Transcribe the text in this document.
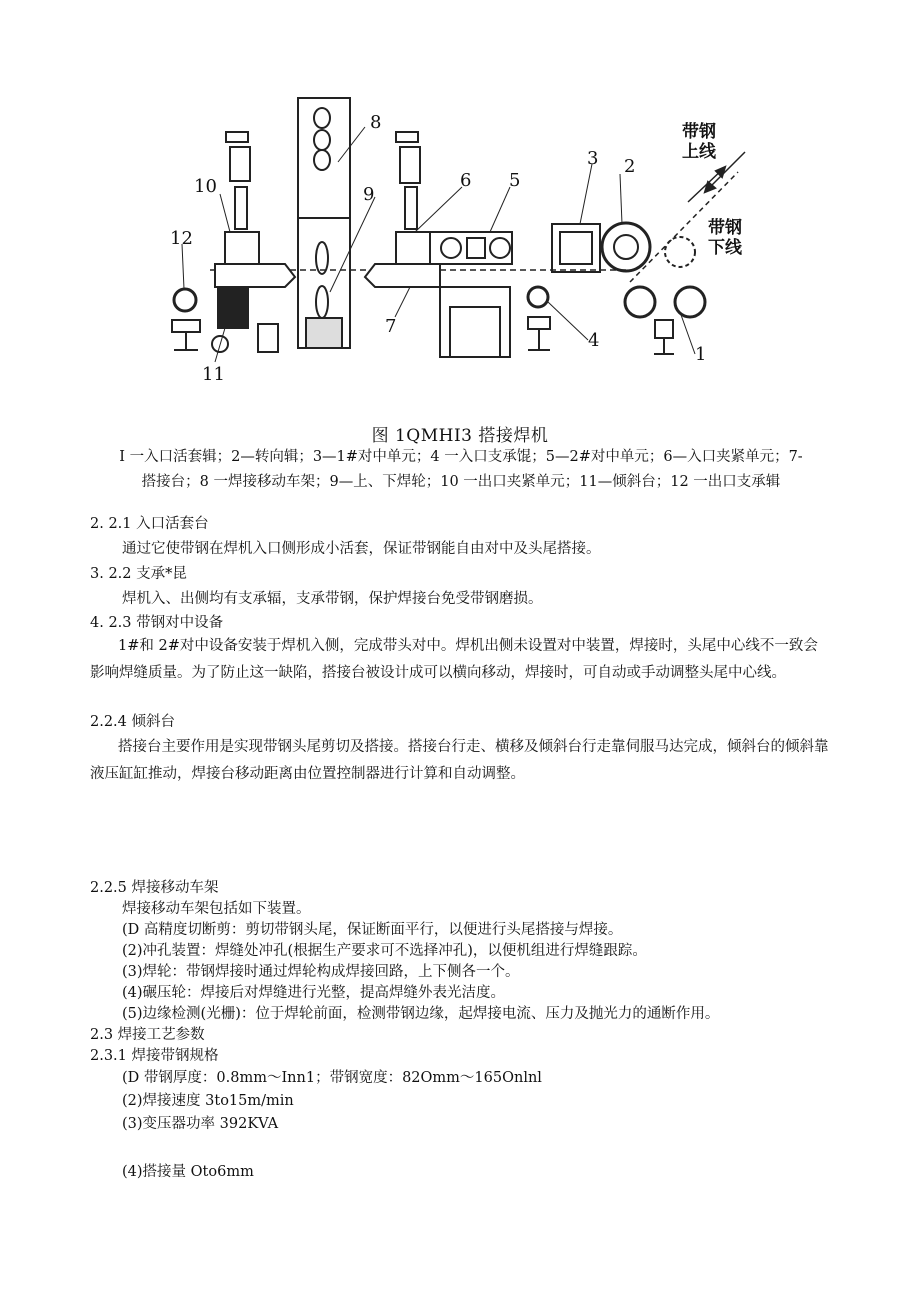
1
2
3
4
5
6
7
8
9
10
11
12
带钢
上线
带钢
下线
图 1QMHI3 搭接焊机
I 一入口活套辑；2—转向辑；3—1#对中单元；4 一入口支承馄；5—2#对中单元；6—入口夹紧单元；7-
搭接台；8 一焊接移动车架；9—上、下焊轮；10 一出口夹紧单元；11—倾斜台；12 一出口支承辑
2. 2.1 入口活套台
通过它使带钢在焊机入口侧形成小活套，保证带钢能自由对中及头尾搭接。
3. 2.2 支承*昆
焊机入、出侧均有支承辐，支承带钢，保护焊接台免受带钢磨损。
4. 2.3 带钢对中设备
1#和 2#对中设备安装于焊机入侧，完成带头对中。焊机出侧未设置对中装置，焊接时，头尾中心线不一致会影响焊缝质量。为了防止这一缺陷，搭接台被设计成可以横向移动，焊接时，可自动或手动调整头尾中心线。
2.2.4 倾斜台
搭接台主要作用是实现带钢头尾剪切及搭接。搭接台行走、横移及倾斜台行走靠伺服马达完成，倾斜台的倾斜靠液压缸缸推动，焊接台移动距离由位置控制器进行计算和自动调整。
2.2.5 焊接移动车架
焊接移动车架包括如下装置。
(D 高精度切断剪：剪切带钢头尾，保证断面平行，以便进行头尾搭接与焊接。
(2)冲孔装置：焊缝处冲孔(根据生产要求可不选择冲孔)，以便机组进行焊缝跟踪。
(3)焊轮：带钢焊接时通过焊轮构成焊接回路，上下侧各一个。
(4)碾压轮：焊接后对焊缝进行光整，提高焊缝外表光洁度。
(5)边缘检测(光栅)：位于焊轮前面，检测带钢边缘，起焊接电流、压力及抛光力的通断作用。
2.3 焊接工艺参数
2.3.1 焊接带钢规格
(D 带钢厚度：0.8mm～Inn1；带钢宽度：82Omm～165Onlnl
(2)焊接速度 3to15m/min
(3)变压器功率 392KVA
(4)搭接量 Oto6mm
